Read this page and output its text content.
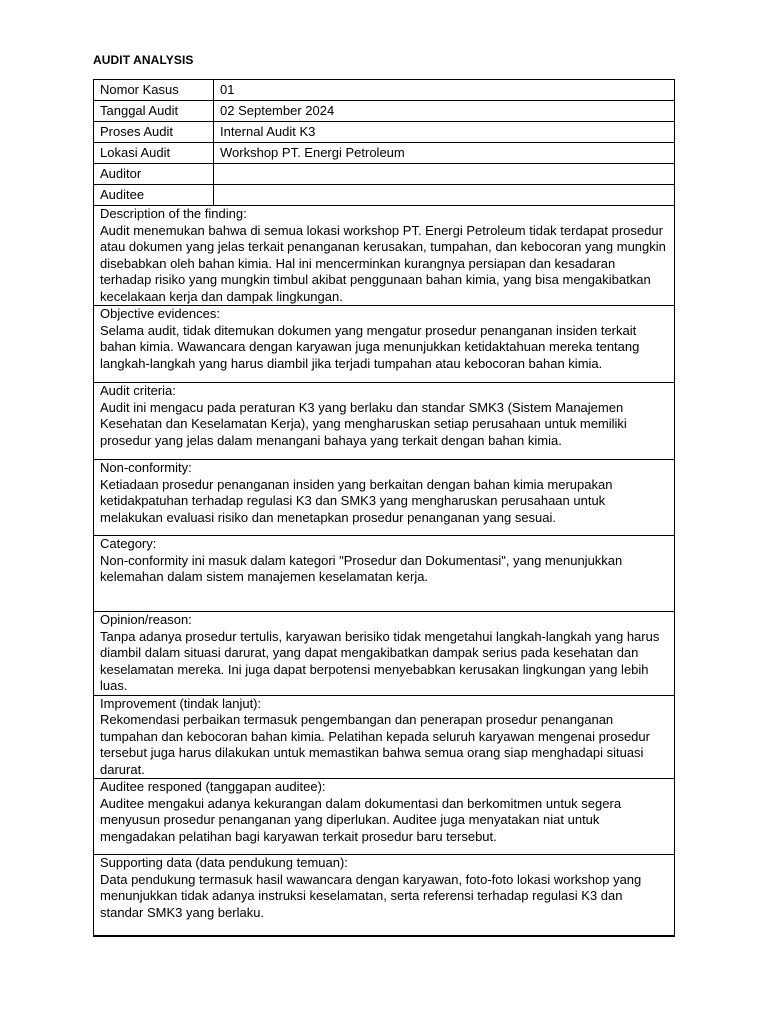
AUDIT ANALYSIS
Nomor Kasus	01
Tanggal Audit	02 September 2024
Proses Audit	Internal Audit K3
Lokasi Audit	Workshop PT. Energi Petroleum
Auditor	
Auditee	

Description of the finding:
Audit menemukan bahwa di semua lokasi workshop PT. Energi Petroleum tidak terdapat prosedur atau dokumen yang jelas terkait penanganan kerusakan, tumpahan, dan kebocoran yang mungkin disebabkan oleh bahan kimia. Hal ini mencerminkan kurangnya persiapan dan kesadaran terhadap risiko yang mungkin timbul akibat penggunaan bahan kimia, yang bisa mengakibatkan kecelakaan kerja dan dampak lingkungan.	

Objective evidences:
Selama audit, tidak ditemukan dokumen yang mengatur prosedur penanganan insiden terkait bahan kimia. Wawancara dengan karyawan juga menunjukkan ketidaktahuan mereka tentang langkah-langkah yang harus diambil jika terjadi tumpahan atau kebocoran bahan kimia.	

Audit criteria:
Audit ini mengacu pada peraturan K3 yang berlaku dan standar SMK3 (Sistem Manajemen Kesehatan dan Keselamatan Kerja), yang mengharuskan setiap perusahaan untuk memiliki prosedur yang jelas dalam menangani bahaya yang terkait dengan bahan kimia.	

Non-conformity:
Ketiadaan prosedur penanganan insiden yang berkaitan dengan bahan kimia merupakan ketidakpatuhan terhadap regulasi K3 dan SMK3 yang mengharuskan perusahaan untuk melakukan evaluasi risiko dan menetapkan prosedur penanganan yang sesuai.	

Category:
Non-conformity ini masuk dalam kategori "Prosedur dan Dokumentasi", yang menunjukkan kelemahan dalam sistem manajemen keselamatan kerja.	

Opinion/reason:
Tanpa adanya prosedur tertulis, karyawan berisiko tidak mengetahui langkah-langkah yang harus diambil dalam situasi darurat, yang dapat mengakibatkan dampak serius pada kesehatan dan keselamatan mereka. Ini juga dapat berpotensi menyebabkan kerusakan lingkungan yang lebih luas.	

Improvement (tindak lanjut):
Rekomendasi perbaikan termasuk pengembangan dan penerapan prosedur penanganan tumpahan dan kebocoran bahan kimia. Pelatihan kepada seluruh karyawan mengenai prosedur tersebut juga harus dilakukan untuk memastikan bahwa semua orang siap menghadapi situasi darurat.	

Auditee responed (tanggapan auditee):
Auditee mengakui adanya kekurangan dalam dokumentasi dan berkomitmen untuk segera menyusun prosedur penanganan yang diperlukan. Auditee juga menyatakan niat untuk mengadakan pelatihan bagi karyawan terkait prosedur baru tersebut.	

Supporting data (data pendukung temuan):
Data pendukung termasuk hasil wawancara dengan karyawan, foto-foto lokasi workshop yang menunjukkan tidak adanya instruksi keselamatan, serta referensi terhadap regulasi K3 dan standar SMK3 yang berlaku.	
